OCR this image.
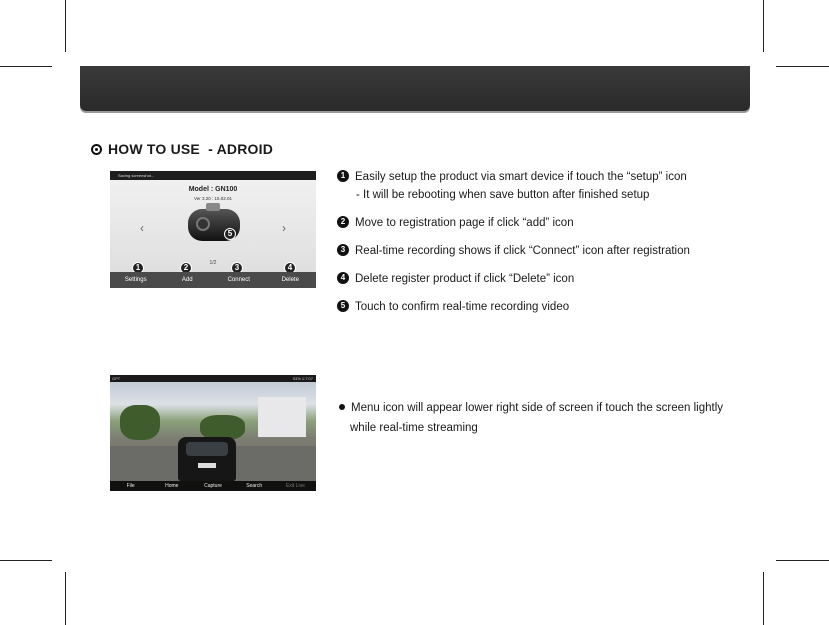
HOW TO USE  - ADROID
Saving screenshot...
Model : GN100
Ver 3.20 : 15.02.01
5
‹	›
1/2
1	2	3	4
Settings	Add	Connect	Delete
1 Easily setup the product via smart device if touch the “setup” icon
- It will be rebooting when save button after finished setup
2 Move to registration page if click “add” icon
3 Real-time recording shows if click “Connect” icon after registration
4 Delete register product if click “Delete” icon
5 Touch to confirm real-time recording video
GPT	93% 1:7:07
File	Home	Capture	Search	Exit Live
Menu icon will appear lower right side of screen if touch the screen lightly
while real-time streaming
